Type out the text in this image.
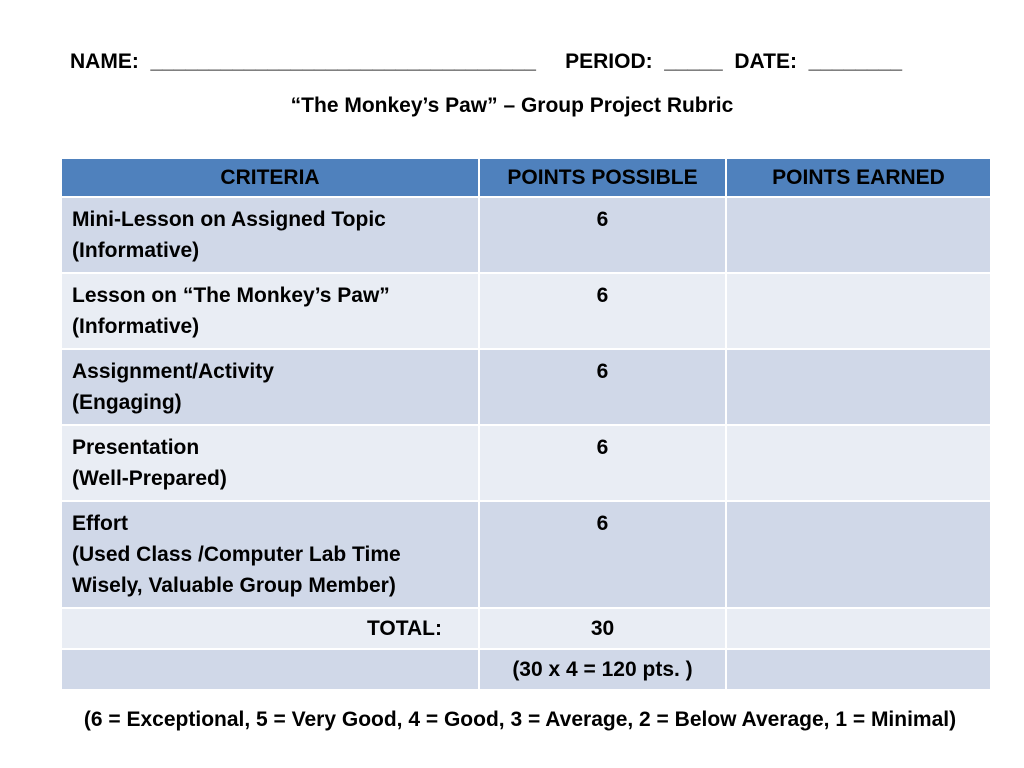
NAME: _________________________________ PERIOD: _____ DATE: ________
“The Monkey’s Paw” – Group Project Rubric
CRITERIA	POINTS POSSIBLE	POINTS EARNED

Mini-Lesson on Assigned Topic
(Informative)	6	

Lesson on “The Monkey’s Paw”
(Informative)	6	

Assignment/Activity
(Engaging)	6	

Presentation
(Well-Prepared)	6	

Effort
(Used Class /Computer Lab Time
Wisely, Valuable Group Member)	6	
TOTAL:	30	
	(30 x 4 = 120 pts. )	
(6 = Exceptional, 5 = Very Good, 4 = Good, 3 = Average, 2 = Below Average, 1 = Minimal)
